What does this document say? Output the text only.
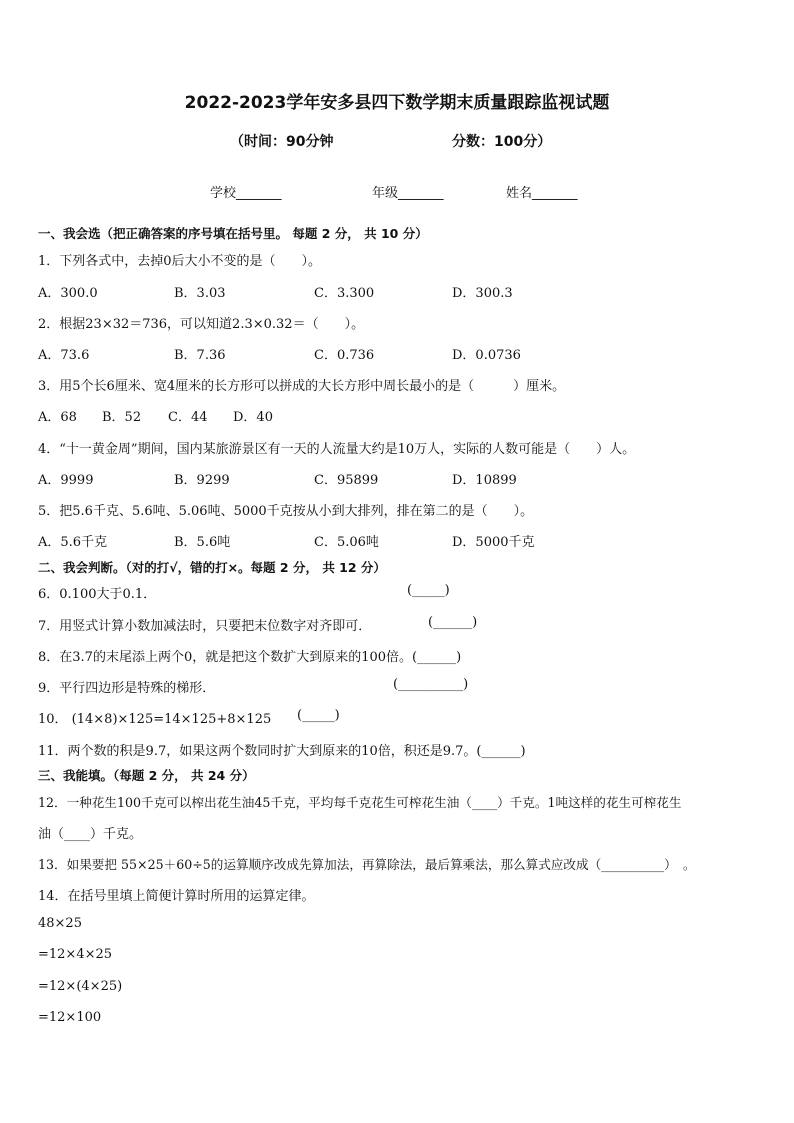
2022-2023学年安多县四下数学期末质量跟踪监视试题
（时间：90分钟	分数：100分）
学校_______	年级_______	姓名_______
一、我会选（把正确答案的序号填在括号里。 每题 2 分， 共 10 分）
1．下列各式中，去掉0后大小不变的是（　　）。
A．300.0	B．3.03	C．3.300	D．300.3
2．根据23×32＝736，可以知道2.3×0.32＝（　　）。
A．73.6	B．7.36	C．0.736	D．0.0736
3．用5个长6厘米、宽4厘米的长方形可以拼成的大长方形中周长最小的是（　　　）厘米。
A．68 B．52 C．44 D．40
4．“十一黄金周”期间，国内某旅游景区有一天的人流量大约是10万人，实际的人数可能是（　　）人。
A．9999	B．9299	C．95899	D．10899
5．把5.6千克、5.6吨、5.06吨、5000千克按从小到大排列，排在第二的是（　　）。
A．5.6千克	B．5.6吨	C．5.06吨	D．5000千克
二、我会判断。（对的打√，错的打×。每题 2 分， 共 12 分）
6．0.100大于0.1．	(_____)
7．用竖式计算小数加减法时，只要把末位数字对齐即可．	(______)
8．在3.7的末尾添上两个0，就是把这个数扩大到原来的100倍。(______)
9．平行四边形是特殊的梯形．	(__________)
10． (14×8)×125=14×125+8×125 (_____)
11．两个数的积是9.7，如果这两个数同时扩大到原来的10倍，积还是9.7。(______)
三、我能填。（每题 2 分， 共 24 分）
12．一种花生100千克可以榨出花生油45千克，平均每千克花生可榨花生油（____）千克。1吨这样的花生可榨花生
油（____）千克。
13．如果要把 55×25＋60÷5的运算顺序改成先算加法，再算除法，最后算乘法，那么算式应改成（__________）　。
14．在括号里填上简便计算时所用的运算定律。
48×25
=12×4×25
=12×(4×25)
=12×100
